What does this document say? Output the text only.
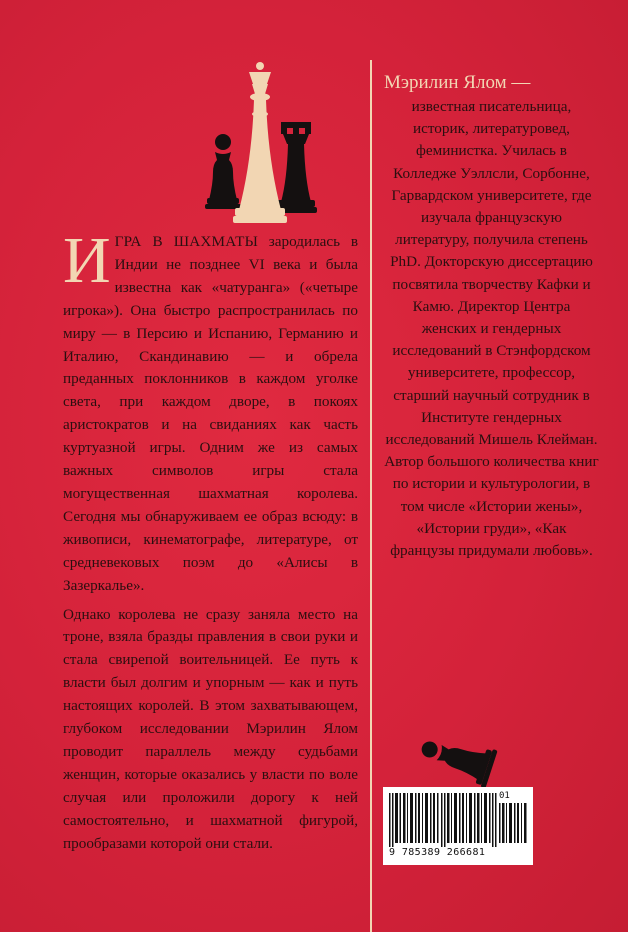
ИГРА В ШАХМАТЫ зародилась в Индии не позднее VI века и была известна как «чатуранга» («четыре игрока»). Она быстро распространилась по миру — в Персию и Испанию, Германию и Италию, Скандинавию — и обрела преданных поклонников в каждом уголке света, при каждом дворе, в покоях аристократов и на свиданиях как часть куртуазной игры. Одним же из самых важных символов игры стала могущественная шахматная королева. Сегодня мы обнаруживаем ее образ всюду: в живописи, кинематографе, литературе, от средневековых поэм до «Алисы в Зазеркалье».

Однако королева не сразу заняла место на троне, взяла бразды правления в свои руки и стала свирепой воительницей. Ее путь к власти был долгим и упорным — как и путь настоящих королей. В этом захватывающем, глубоком исследовании Мэрилин Ялом проводит параллель между судьбами женщин, которые оказались у власти по воле случая или проложили дорогу к ней самостоятельно, и шахматной фигурой, прообразами которой они стали.

Мэрилин Ялом —
известная писательница, историк, литературовед, феминистка. Училась в Колледже Уэллсли, Сорбонне, Гарвардском университете, где изучала французскую литературу, получила степень PhD. Докторскую диссертацию посвятила творчеству Кафки и Камю. Директор Центра женских и гендерных исследований в Стэнфордском университете, профессор, старший научный сотрудник в Институте гендерных исследований Мишель Клейман. Автор большого количества книг по истории и культурологии, в том числе «Истории жены», «Истории груди», «Как французы придумали любовь».
01
9 785389 266681
